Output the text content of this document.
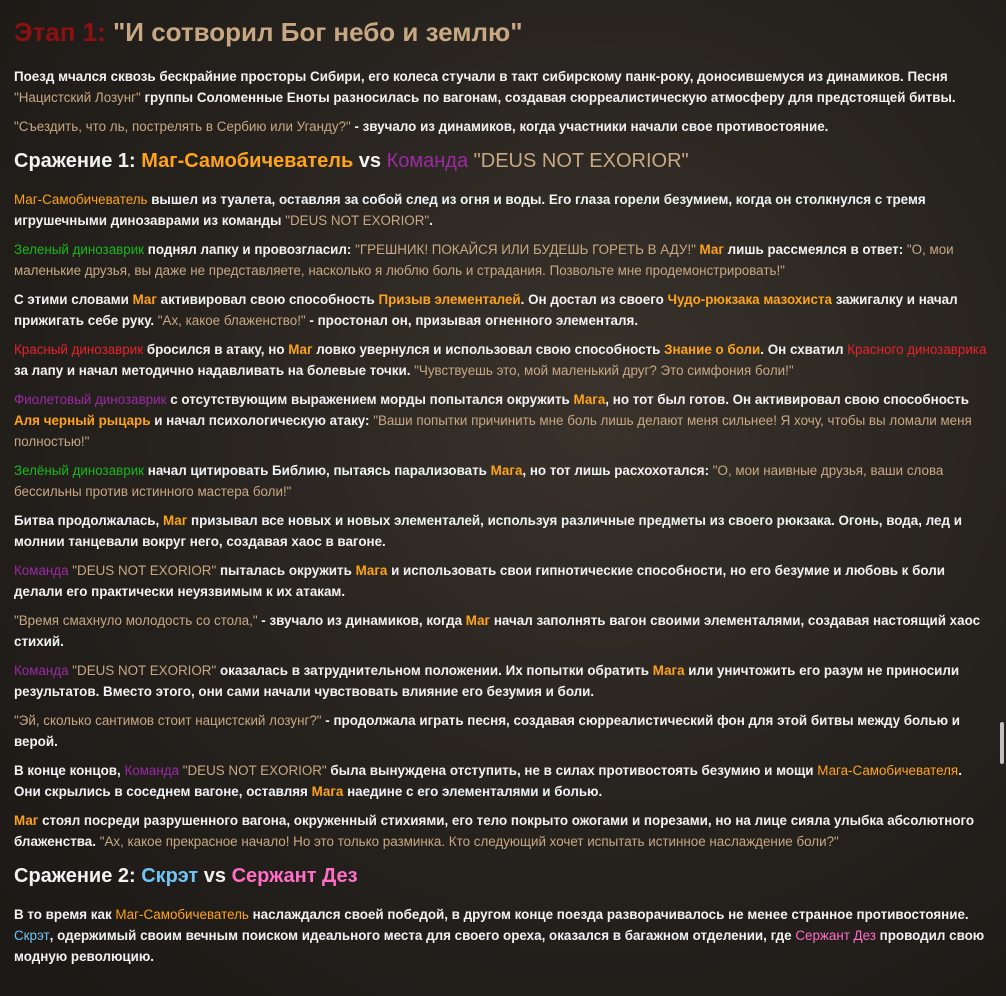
Этап 1: "И сотворил Бог небо и землю"

Поезд мчался сквозь бескрайние просторы Сибири, его колеса стучали в такт сибирскому панк-року, доносившемуся из динамиков. Песня "Нацистский Лозунг" группы Соломенные Еноты разносилась по вагонам, создавая сюрреалистическую атмосферу для предстоящей битвы.

"Съездить, что ль, пострелять в Сербию или Уганду?" - звучало из динамиков, когда участники начали свое противостояние.

Сражение 1: Маг-Самобичеватель vs Команда "DEUS NOT EXORIOR"

Маг-Самобичеватель вышел из туалета, оставляя за собой след из огня и воды. Его глаза горели безумием, когда он столкнулся с тремя игрушечными динозаврами из команды "DEUS NOT EXORIOR".

Зеленый динозаврик поднял лапку и провозгласил: "ГРЕШНИК! ПОКАЙСЯ ИЛИ БУДЕШЬ ГОРЕТЬ В АДУ!" Маг лишь рассмеялся в ответ: "О, мои маленькие друзья, вы даже не представляете, насколько я люблю боль и страдания. Позвольте мне продемонстрировать!"

С этими словами Маг активировал свою способность Призыв элементалей. Он достал из своего Чудо-рюкзака мазохиста зажигалку и начал прижигать себе руку. "Ах, какое блаженство!" - простонал он, призывая огненного элементаля.

Красный динозаврик бросился в атаку, но Маг ловко увернулся и использовал свою способность Знание о боли. Он схватил Красного динозаврика за лапу и начал методично надавливать на болевые точки. "Чувствуешь это, мой маленький друг? Это симфония боли!"

Фиолетовый динозаврик с отсутствующим выражением морды попытался окружить Мага, но тот был готов. Он активировал свою способность Аля черный рыцарь и начал психологическую атаку: "Ваши попытки причинить мне боль лишь делают меня сильнее! Я хочу, чтобы вы ломали меня полностью!"

Зелёный динозаврик начал цитировать Библию, пытаясь парализовать Мага, но тот лишь расхохотался: "О, мои наивные друзья, ваши слова бессильны против истинного мастера боли!"

Битва продолжалась, Маг призывал все новых и новых элементалей, используя различные предметы из своего рюкзака. Огонь, вода, лед и молнии танцевали вокруг него, создавая хаос в вагоне.

Команда "DEUS NOT EXORIOR" пыталась окружить Мага и использовать свои гипнотические способности, но его безумие и любовь к боли делали его практически неуязвимым к их атакам.

"Время смахнуло молодость со стола," - звучало из динамиков, когда Маг начал заполнять вагон своими элементалями, создавая настоящий хаос стихий.

Команда "DEUS NOT EXORIOR" оказалась в затруднительном положении. Их попытки обратить Мага или уничтожить его разум не приносили результатов. Вместо этого, они сами начали чувствовать влияние его безумия и боли.

"Эй, сколько сантимов стоит нацистский лозунг?" - продолжала играть песня, создавая сюрреалистический фон для этой битвы между болью и верой.

В конце концов, Команда "DEUS NOT EXORIOR" была вынуждена отступить, не в силах противостоять безумию и мощи Мага-Самобичевателя. Они скрылись в соседнем вагоне, оставляя Мага наедине с его элементалями и болью.

Маг стоял посреди разрушенного вагона, окруженный стихиями, его тело покрыто ожогами и порезами, но на лице сияла улыбка абсолютного блаженства. "Ах, какое прекрасное начало! Но это только разминка. Кто следующий хочет испытать истинное наслаждение боли?"

Сражение 2: Скрэт vs Сержант Дез

В то время как Маг-Самобичеватель наслаждался своей победой, в другом конце поезда разворачивалось не менее странное противостояние. Скрэт, одержимый своим вечным поиском идеального места для своего ореха, оказался в багажном отделении, где Сержант Дез проводил свою модную революцию.
